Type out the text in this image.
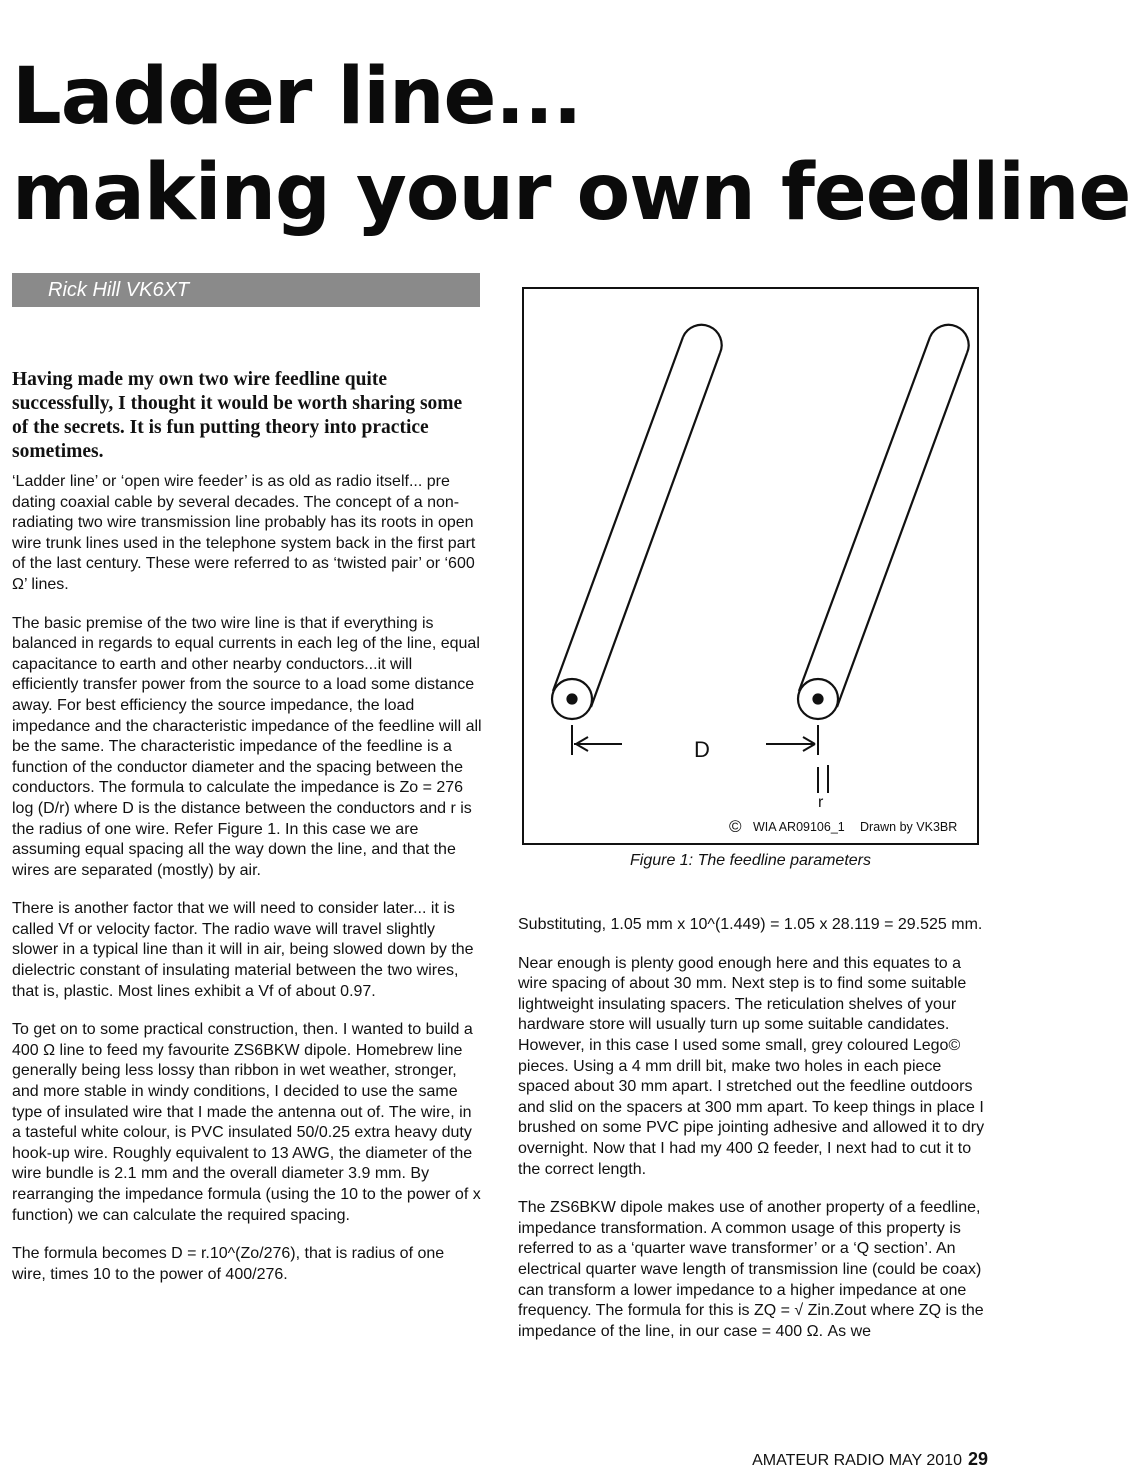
Ladder line...
making your own feedline
Rick Hill VK6XT

Having made my own two wire feedline quite successfully, I thought it would be worth sharing some of the secrets. It is fun putting theory into practice sometimes.

‘Ladder line’ or ‘open wire feeder’ is as old as radio itself... pre dating coaxial cable by several decades. The concept of a non-radiating two wire transmission line probably has its roots in open wire trunk lines used in the telephone system back in the first part of the last century. These were referred to as ‘twisted pair’ or ‘600 Ω’ lines.

The basic premise of the two wire line is that if everything is balanced in regards to equal currents in each leg of the line, equal capacitance to earth and other nearby conductors...it will efficiently transfer power from the source to a load some distance away. For best efficiency the source impedance, the load impedance and the characteristic impedance of the feedline will all be the same. The characteristic impedance of the feedline is a function of the conductor diameter and the spacing between the conductors. The formula to calculate the impedance is Zo = 276 log (D/r) where D is the distance between the conductors and r is the radius of one wire. Refer Figure 1. In this case we are assuming equal spacing all the way down the line, and that the wires are separated (mostly) by air.

There is another factor that we will need to consider later... it is called Vf or velocity factor. The radio wave will travel slightly slower in a typical line than it will in air, being slowed down by the dielectric constant of insulating material between the two wires, that is, plastic. Most lines exhibit a Vf of about 0.97.

To get on to some practical construction, then. I wanted to build a 400 Ω line to feed my favourite ZS6BKW dipole. Homebrew line generally being less lossy than ribbon in wet weather, stronger, and more stable in windy conditions, I decided to use the same type of insulated wire that I made the antenna out of. The wire, in a tasteful white colour, is PVC insulated 50/0.25 extra heavy duty hook-up wire. Roughly equivalent to 13 AWG, the diameter of the wire bundle is 2.1 mm and the overall diameter 3.9 mm. By rearranging the impedance formula (using the 10 to the power of x function) we can calculate the required spacing.

The formula becomes D = r.10^(Zo/276), that is radius of one wire, times 10 to the power of 400/276.

D
r
© WIA AR09106_1 Drawn by VK3BR
Figure 1: The feedline parameters

Substituting, 1.05 mm x 10^(1.449) = 1.05 x 28.119 = 29.525 mm.

Near enough is plenty good enough here and this equates to a wire spacing of about 30 mm. Next step is to find some suitable lightweight insulating spacers. The reticulation shelves of your hardware store will usually turn up some suitable candidates. However, in this case I used some small, grey coloured Lego© pieces. Using a 4 mm drill bit, make two holes in each piece spaced about 30 mm apart. I stretched out the feedline outdoors and slid on the spacers at 300 mm apart. To keep things in place I brushed on some PVC pipe jointing adhesive and allowed it to dry overnight. Now that I had my 400 Ω feeder, I next had to cut it to the correct length.

The ZS6BKW dipole makes use of another property of a feedline, impedance transformation. A common usage of this property is referred to as a ‘quarter wave transformer’ or a ‘Q section’. An electrical quarter wave length of transmission line (could be coax) can transform a lower impedance to a higher impedance at one frequency. The formula for this is ZQ = √ Zin.Zout where ZQ is the impedance of the line, in our case = 400 Ω. As we

AMATEUR RADIO MAY 2010 29
